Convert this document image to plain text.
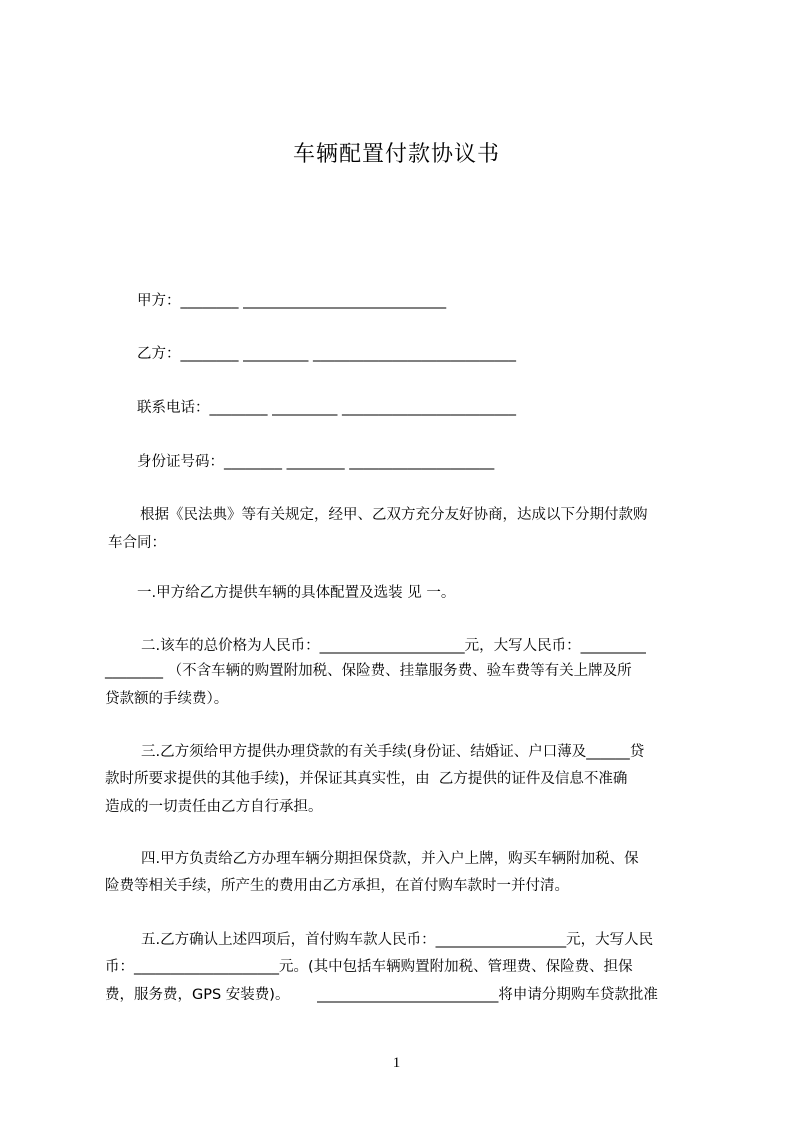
车辆配置付款协议书
甲方：________ ____________________________
乙方：________ _________ ____________________________
联系电话：________ _________ ________________________
身份证号码：________ ________ ____________________
根据《民法典》等有关规定，经甲、乙双方充分友好协商，达成以下分期付款购
车合同：
一.甲方给乙方提供车辆的具体配置及选装 见 一。
二.该车的总价格为人民币：____________________元，大写人民币：_________
________ （不含车辆的购置附加税、保险费、挂靠服务费、验车费等有关上牌及所
贷款额的手续费）。
三.乙方须给甲方提供办理贷款的有关手续(身份证、结婚证、户口薄及______贷
款时所要求提供的其他手续)，并保证其真实性，由  乙方提供的证件及信息不准确
造成的一切责任由乙方自行承担。
四.甲方负责给乙方办理车辆分期担保贷款，并入户上牌，购买车辆附加税、保
险费等相关手续，所产生的费用由乙方承担，在首付购车款时一并付清。
五.乙方确认上述四项后，首付购车款人民币：__________________元，大写人民
币：____________________元。(其中包括车辆购置附加税、管理费、保险费、担保
费，服务费，GPS 安装费)。      _________________________将申请分期购车贷款批准
1
